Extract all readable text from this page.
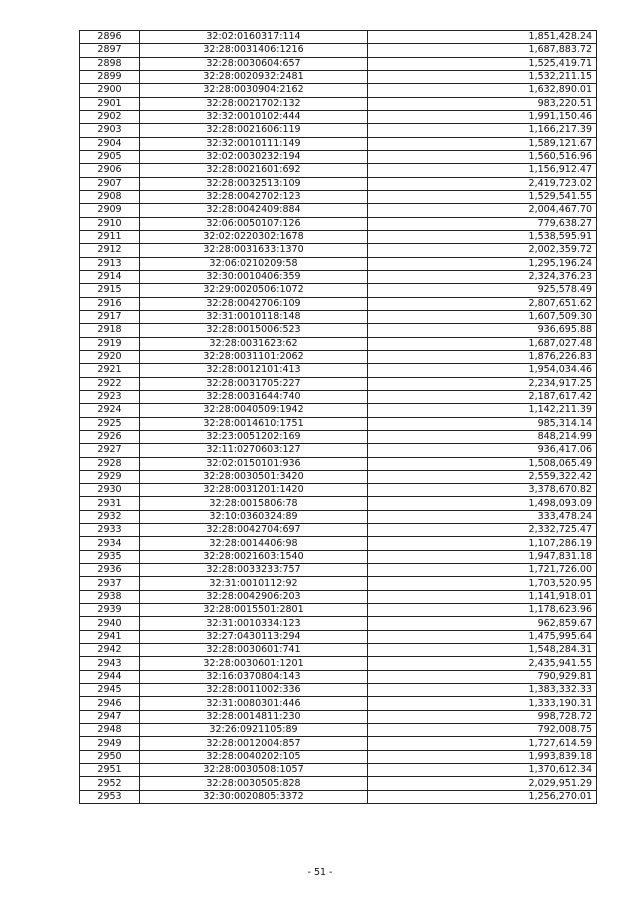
2896	32:02:0160317:114	1,851,428.24
2897	32:28:0031406:1216	1,687,883.72
2898	32:28:0030604:657	1,525,419.71
2899	32:28:0020932:2481	1,532,211.15
2900	32:28:0030904:2162	1,632,890.01
2901	32:28:0021702:132	983,220.51
2902	32:32:0010102:444	1,991,150.46
2903	32:28:0021606:119	1,166,217.39
2904	32:32:0010111:149	1,589,121.67
2905	32:02:0030232:194	1,560,516.96
2906	32:28:0021601:692	1,156,912.47
2907	32:28:0032513:109	2,419,723.02
2908	32:28:0042702:123	1,529,541.55
2909	32:28:0042409:884	2,004,467.70
2910	32:06:0050107:126	779,638.27
2911	32:02:0220302:1678	1,538,595.91
2912	32:28:0031633:1370	2,002,359.72
2913	32:06:0210209:58	1,295,196.24
2914	32:30:0010406:359	2,324,376.23
2915	32:29:0020506:1072	925,578.49
2916	32:28:0042706:109	2,807,651.62
2917	32:31:0010118:148	1,607,509.30
2918	32:28:0015006:523	936,695.88
2919	32:28:0031623:62	1,687,027.48
2920	32:28:0031101:2062	1,876,226.83
2921	32:28:0012101:413	1,954,034.46
2922	32:28:0031705:227	2,234,917.25
2923	32:28:0031644:740	2,187,617.42
2924	32:28:0040509:1942	1,142,211.39
2925	32:28:0014610:1751	985,314.14
2926	32:23:0051202:169	848,214.99
2927	32:11:0270603:127	936,417.06
2928	32:02:0150101:936	1,508,065.49
2929	32:28:0030501:3420	2,559,322.42
2930	32:28:0031201:1420	3,378,670.82
2931	32:28:0015806:78	1,498,093.09
2932	32:10:0360324:89	333,478.24
2933	32:28:0042704:697	2,332,725.47
2934	32:28:0014406:98	1,107,286.19
2935	32:28:0021603:1540	1,947,831.18
2936	32:28:0033233:757	1,721,726.00
2937	32:31:0010112:92	1,703,520.95
2938	32:28:0042906:203	1,141,918.01
2939	32:28:0015501:2801	1,178,623.96
2940	32:31:0010334:123	962,859.67
2941	32:27:0430113:294	1,475,995.64
2942	32:28:0030601:741	1,548,284.31
2943	32:28:0030601:1201	2,435,941.55
2944	32:16:0370804:143	790,929.81
2945	32:28:0011002:336	1,383,332.33
2946	32:31:0080301:446	1,333,190.31
2947	32:28:0014811:230	998,728.72
2948	32:26:0921105:89	792,008.75
2949	32:28:0012004:857	1,727,614.59
2950	32:28:0040202:105	1,993,839.18
2951	32:28:0030508:1057	1,370,612.34
2952	32:28:0030505:828	2,029,951.29
2953	32:30:0020805:3372	1,256,270.01
- 51 -
